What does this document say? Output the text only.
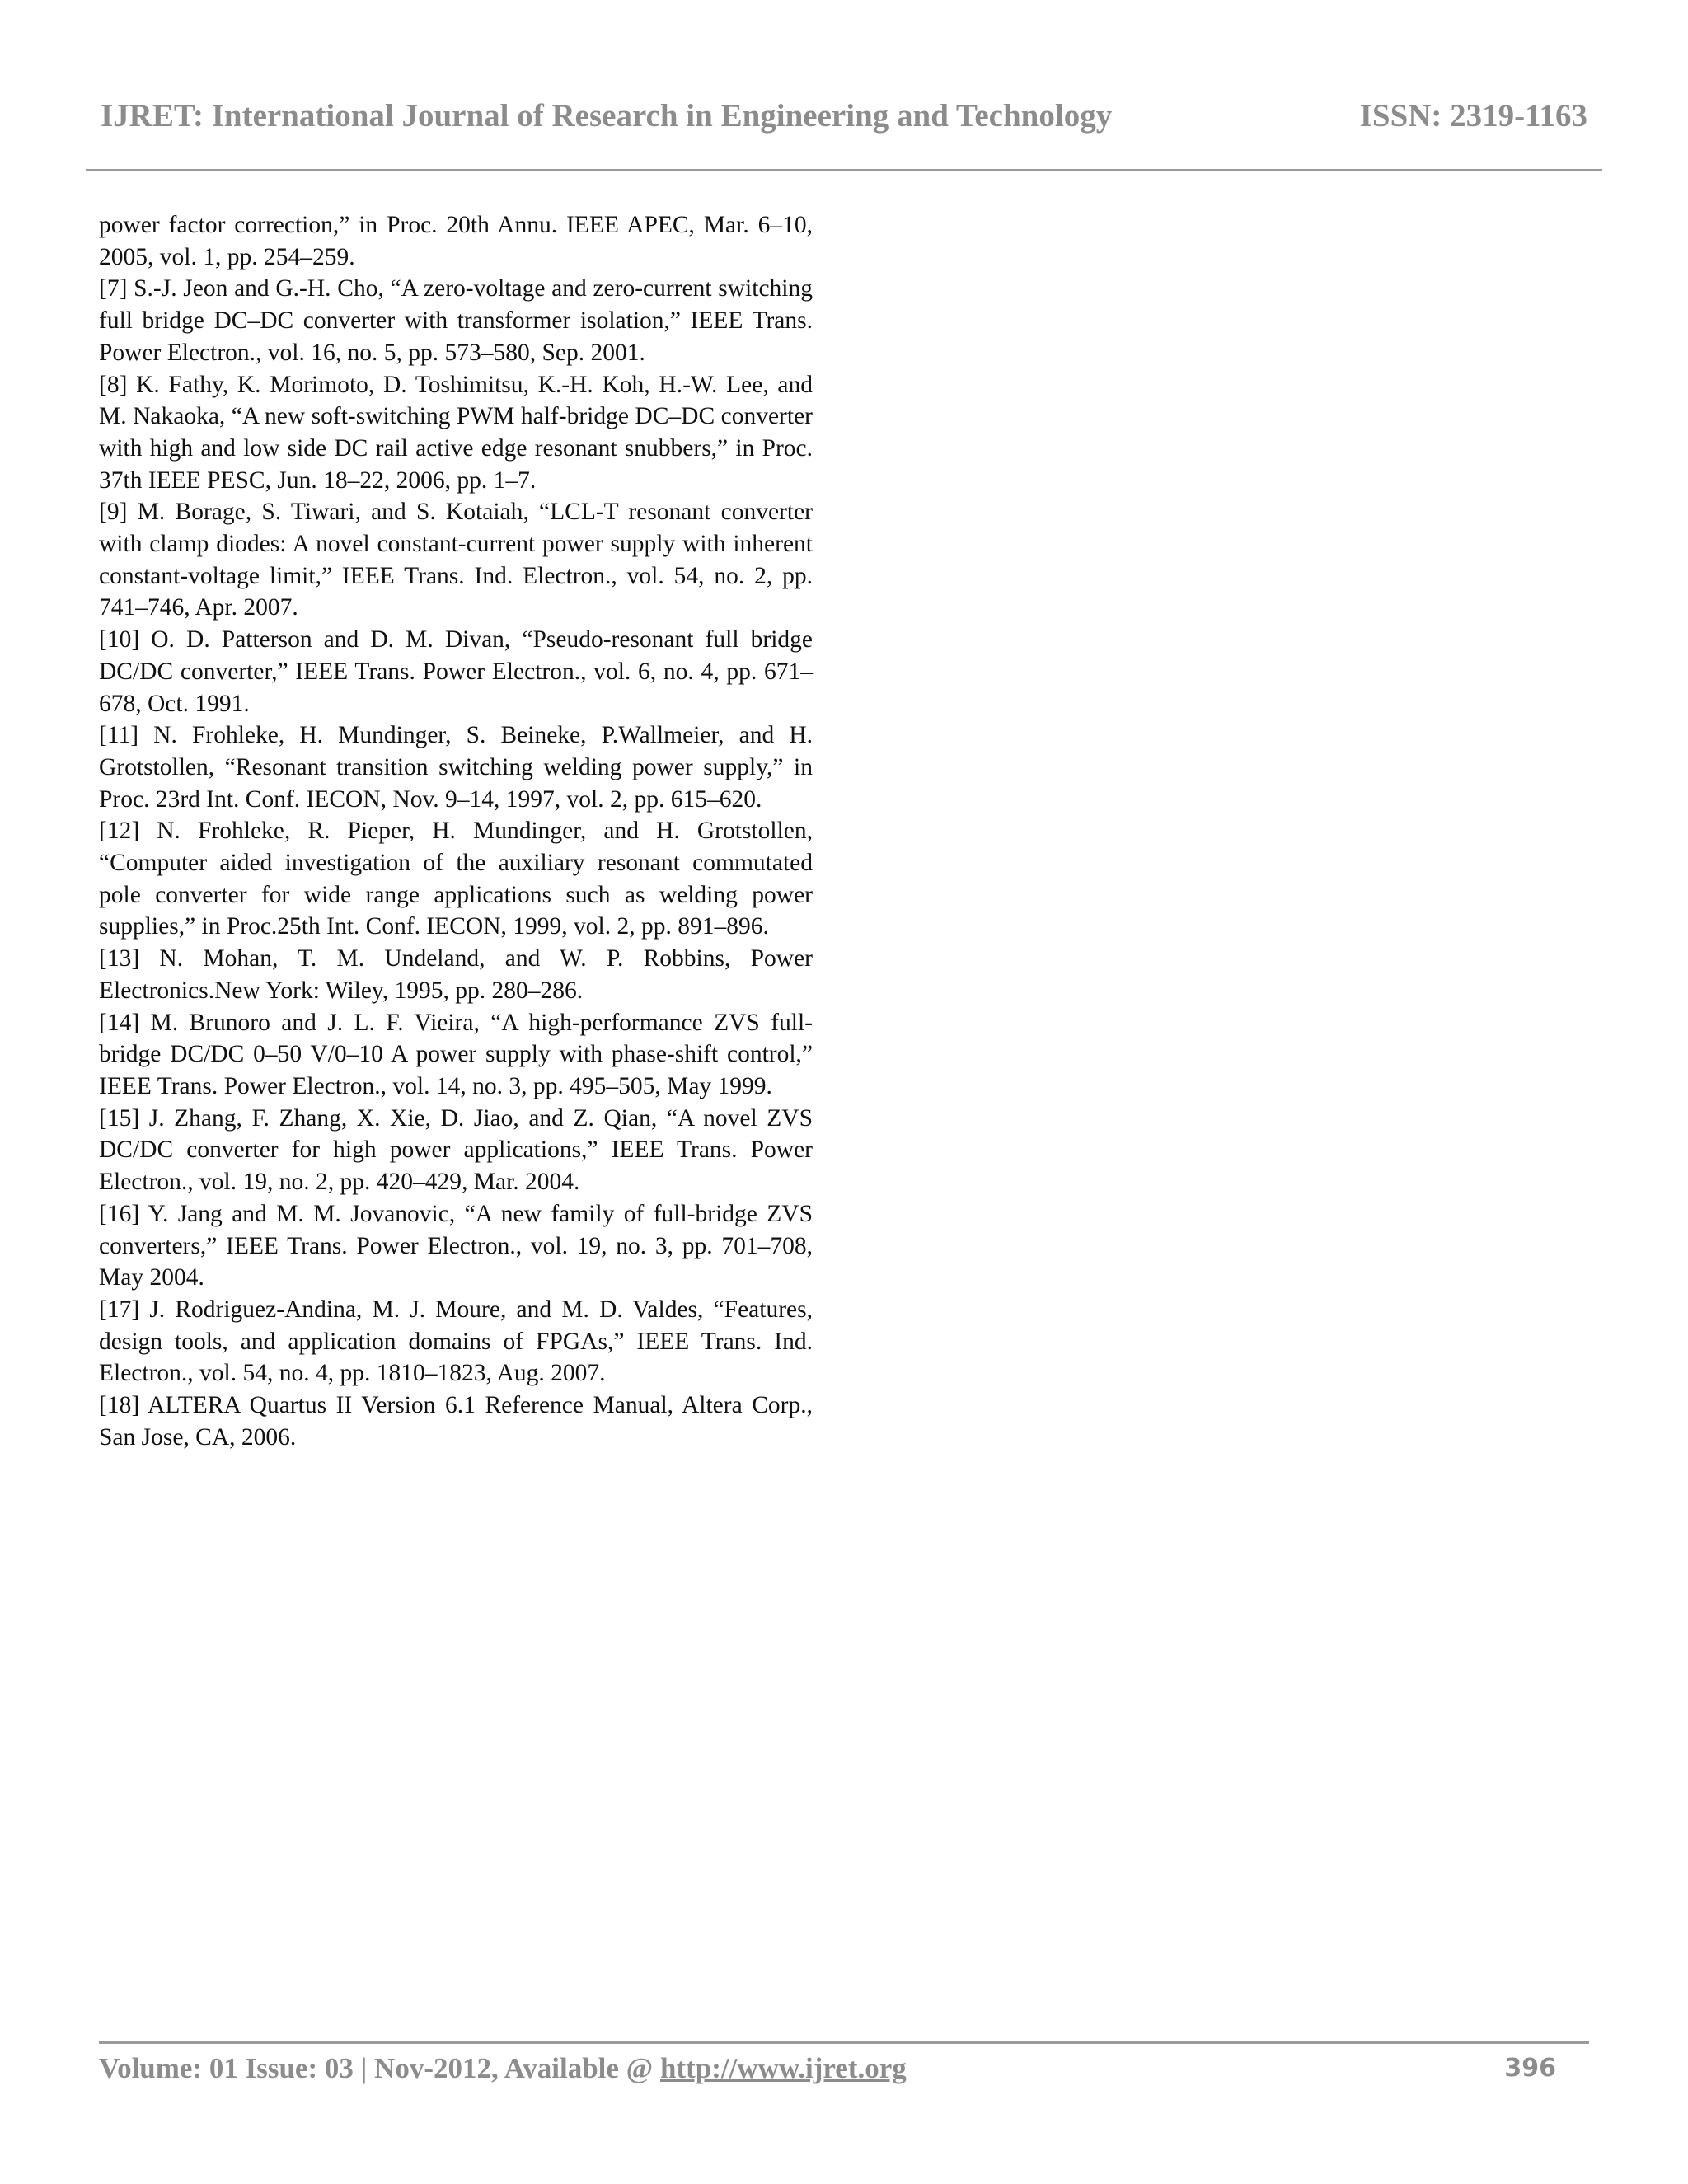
IJRET: International Journal of Research in Engineering and Technology	ISSN: 2319-1163

power factor correction,” in Proc. 20th Annu. IEEE APEC, Mar. 6–10, 2005, vol. 1, pp. 254–259.

[7] S.-J. Jeon and G.-H. Cho, “A zero-voltage and zero-current switching full bridge DC–DC converter with transformer isolation,” IEEE Trans. Power Electron., vol. 16, no. 5, pp. 573–580, Sep. 2001.

[8] K. Fathy, K. Morimoto, D. Toshimitsu, K.-H. Koh, H.-W. Lee, and M. Nakaoka, “A new soft-switching PWM half-bridge DC–DC converter with high and low side DC rail active edge resonant snubbers,” in Proc. 37th IEEE PESC, Jun. 18–22, 2006, pp. 1–7.

[9] M. Borage, S. Tiwari, and S. Kotaiah, “LCL-T resonant converter with clamp diodes: A novel constant-current power supply with inherent constant-voltage limit,” IEEE Trans. Ind. Electron., vol. 54, no. 2, pp. 741–746, Apr. 2007.

[10] O. D. Patterson and D. M. Divan, “Pseudo-resonant full bridge DC/DC converter,” IEEE Trans. Power Electron., vol. 6, no. 4, pp. 671–678, Oct. 1991.

[11] N. Frohleke, H. Mundinger, S. Beineke, P.Wallmeier, and H. Grotstollen, “Resonant transition switching welding power supply,” in Proc. 23rd Int. Conf. IECON, Nov. 9–14, 1997, vol. 2, pp. 615–620.

[12] N. Frohleke, R. Pieper, H. Mundinger, and H. Grotstollen, “Computer aided investigation of the auxiliary resonant commutated pole converter for wide range applications such as welding power supplies,” in Proc.25th Int. Conf. IECON, 1999, vol. 2, pp. 891–896.

[13] N. Mohan, T. M. Undeland, and W. P. Robbins, Power Electronics.New York: Wiley, 1995, pp. 280–286.

[14] M. Brunoro and J. L. F. Vieira, “A high-performance ZVS full-bridge DC/DC 0–50 V/0–10 A power supply with phase-shift control,” IEEE Trans. Power Electron., vol. 14, no. 3, pp. 495–505, May 1999.

[15] J. Zhang, F. Zhang, X. Xie, D. Jiao, and Z. Qian, “A novel ZVS DC/DC converter for high power applications,” IEEE Trans. Power Electron., vol. 19, no. 2, pp. 420–429, Mar. 2004.

[16] Y. Jang and M. M. Jovanovic, “A new family of full-bridge ZVS converters,” IEEE Trans. Power Electron., vol. 19, no. 3, pp. 701–708, May 2004.

[17] J. Rodriguez-Andina, M. J. Moure, and M. D. Valdes, “Features, design tools, and application domains of FPGAs,” IEEE Trans. Ind. Electron., vol. 54, no. 4, pp. 1810–1823, Aug. 2007.

[18] ALTERA Quartus II Version 6.1 Reference Manual, Altera Corp., San Jose, CA, 2006.

Volume: 01 Issue: 03 | Nov-2012, Available @ http://www.ijret.org	396
